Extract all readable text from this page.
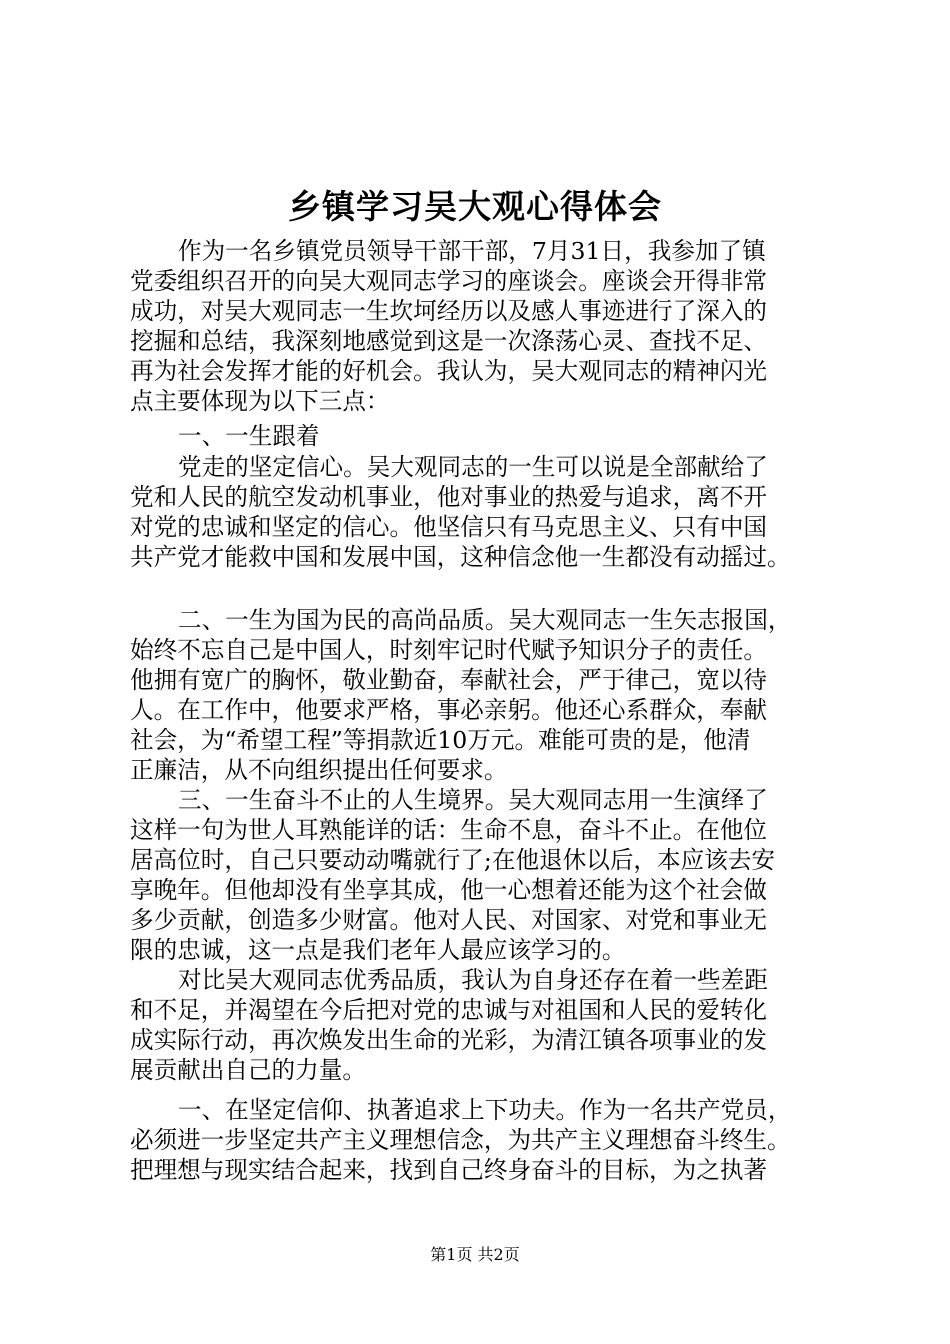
乡镇学习吴大观心得体会
作为一名乡镇党员领导干部干部，7月31日，我参加了镇
党委组织召开的向吴大观同志学习的座谈会。座谈会开得非常
成功，对吴大观同志一生坎坷经历以及感人事迹进行了深入的
挖掘和总结，我深刻地感觉到这是一次涤荡心灵、查找不足、
再为社会发挥才能的好机会。我认为，吴大观同志的精神闪光
点主要体现为以下三点：
一、一生跟着
党走的坚定信心。吴大观同志的一生可以说是全部献给了
党和人民的航空发动机事业，他对事业的热爱与追求，离不开
对党的忠诚和坚定的信心。他坚信只有马克思主义、只有中国
共产党才能救中国和发展中国，这种信念他一生都没有动摇过。
二、一生为国为民的高尚品质。吴大观同志一生矢志报国，
始终不忘自己是中国人，时刻牢记时代赋予知识分子的责任。
他拥有宽广的胸怀，敬业勤奋，奉献社会，严于律己，宽以待
人。在工作中，他要求严格，事必亲躬。他还心系群众，奉献
社会，为“希望工程”等捐款近10万元。难能可贵的是，他清
正廉洁，从不向组织提出任何要求。
三、一生奋斗不止的人生境界。吴大观同志用一生演绎了
这样一句为世人耳熟能详的话：生命不息，奋斗不止。在他位
居高位时，自己只要动动嘴就行了;在他退休以后，本应该去安
享晚年。但他却没有坐享其成，他一心想着还能为这个社会做
多少贡献，创造多少财富。他对人民、对国家、对党和事业无
限的忠诚，这一点是我们老年人最应该学习的。
对比吴大观同志优秀品质，我认为自身还存在着一些差距
和不足，并渴望在今后把对党的忠诚与对祖国和人民的爱转化
成实际行动，再次焕发出生命的光彩，为清江镇各项事业的发
展贡献出自己的力量。
一、在坚定信仰、执著追求上下功夫。作为一名共产党员，
必须进一步坚定共产主义理想信念，为共产主义理想奋斗终生。
把理想与现实结合起来，找到自己终身奋斗的目标，为之执著
第1页 共2页
